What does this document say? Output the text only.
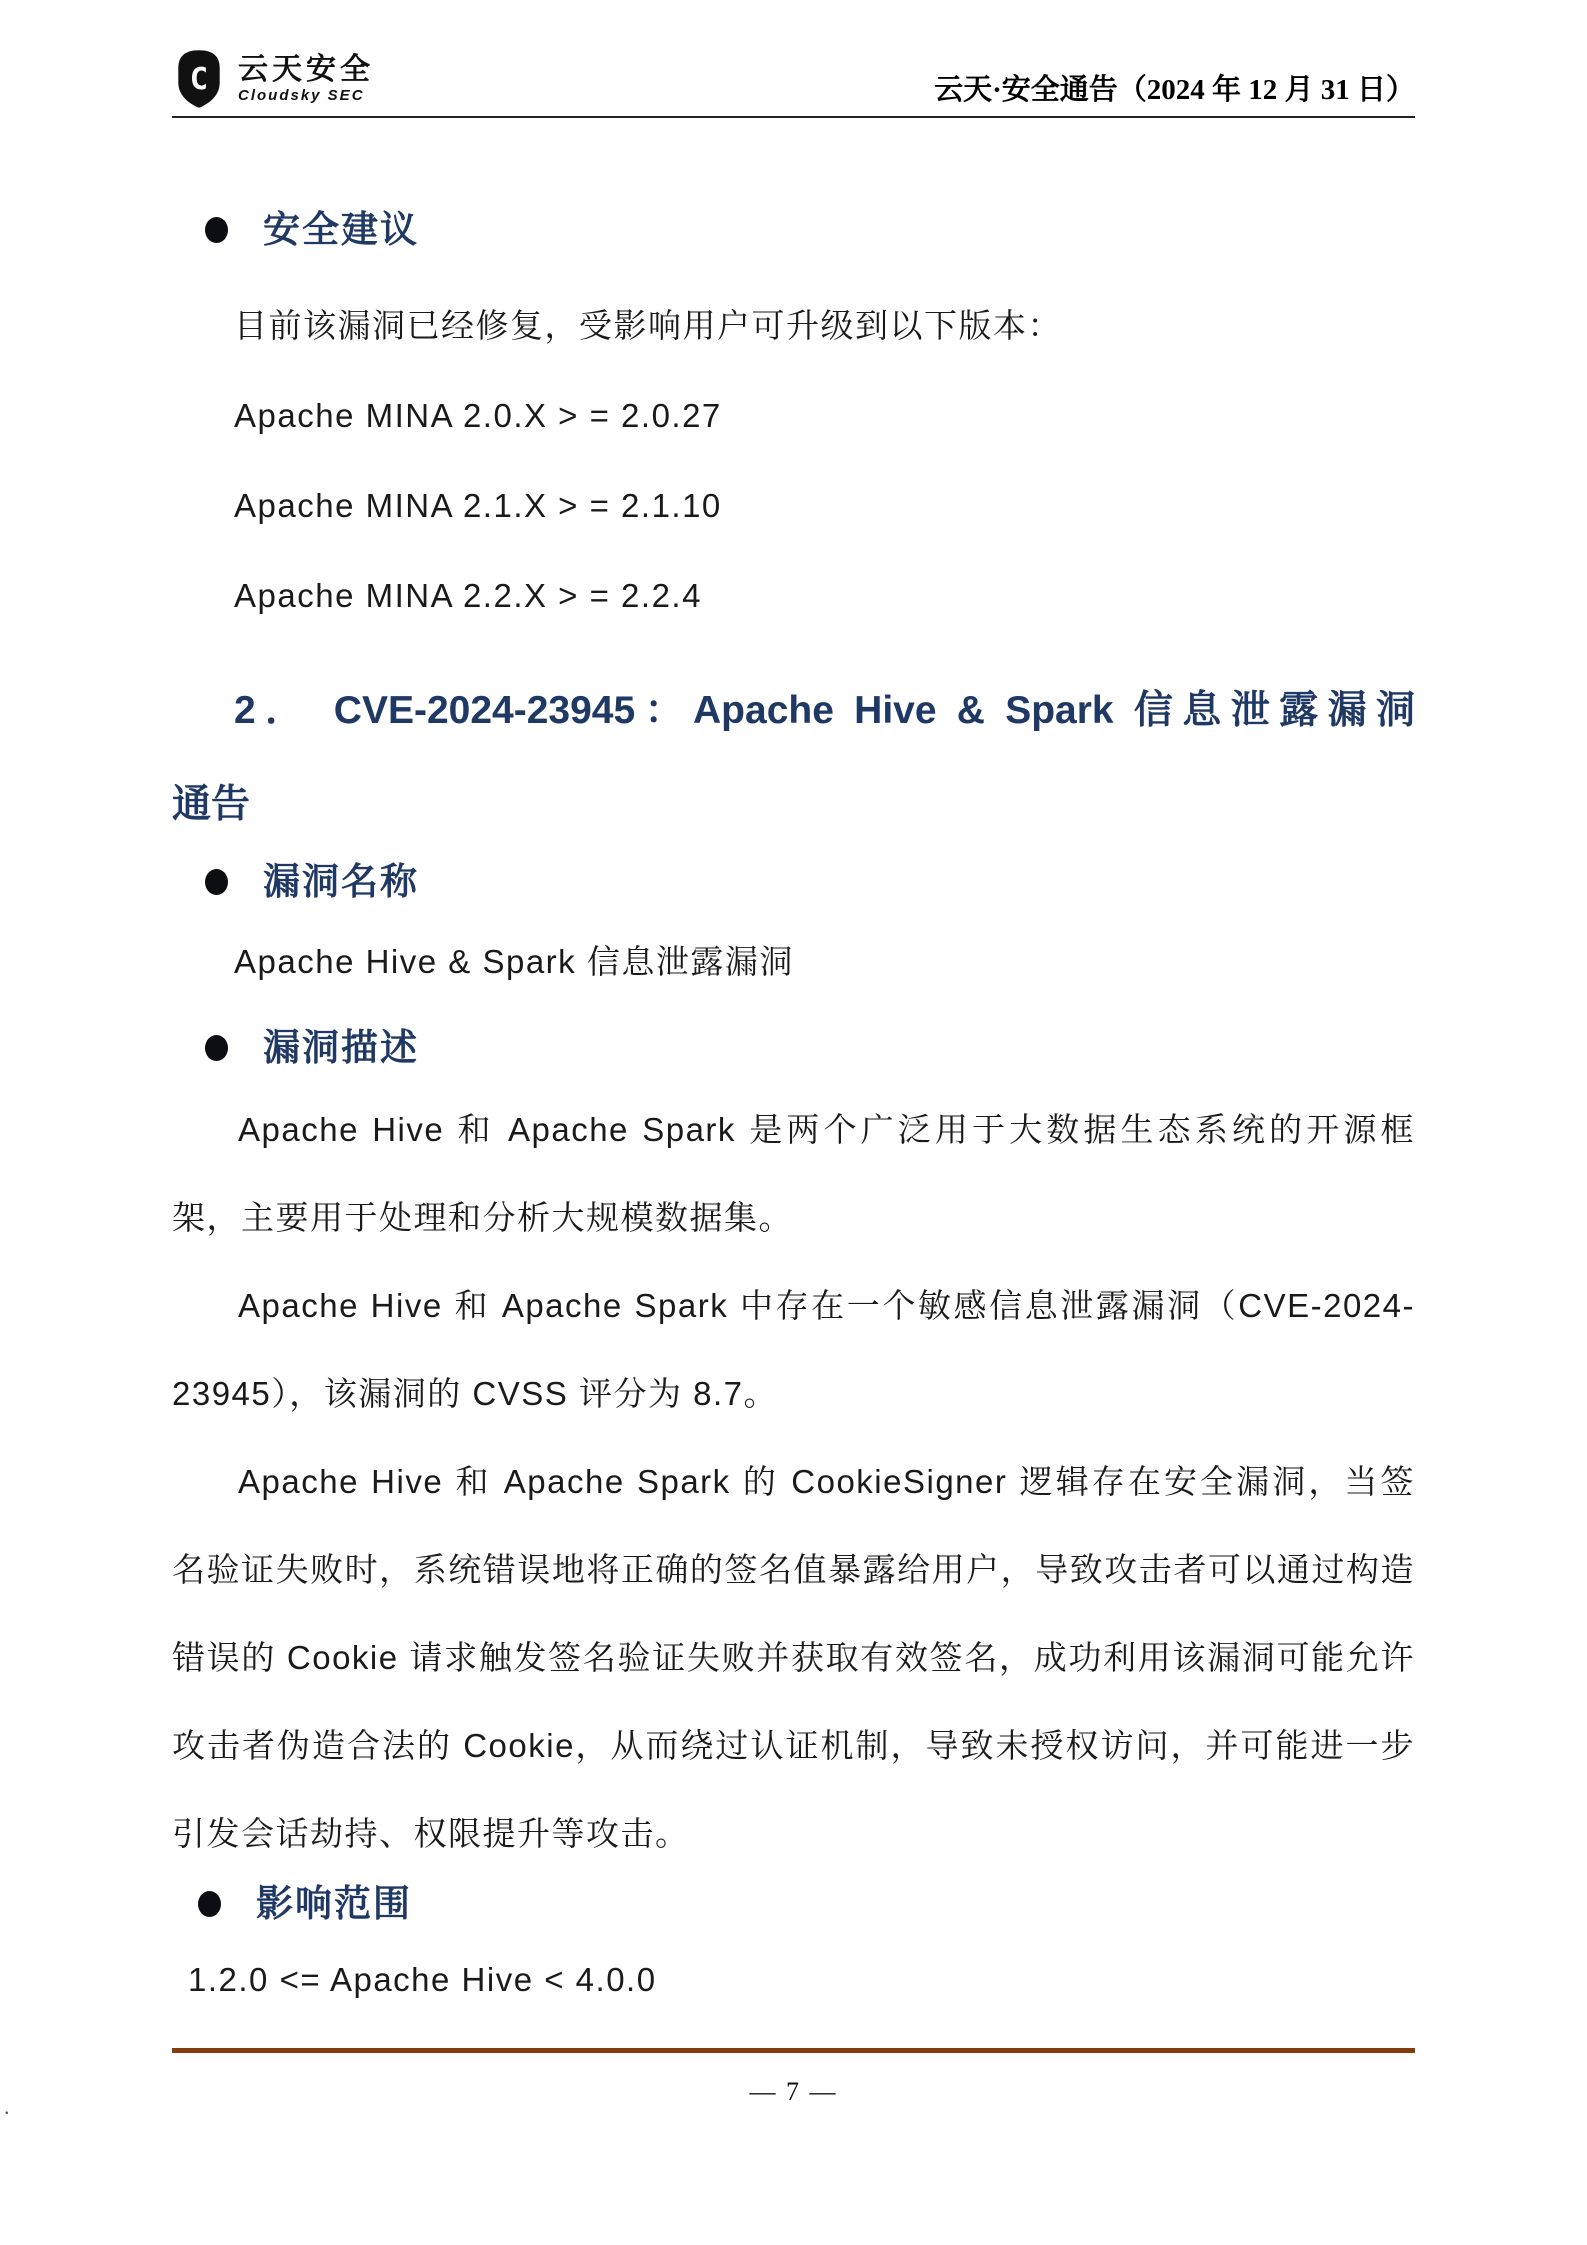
C 云天安全
Cloudsky SEC	云天·安全通告（2024 年 12 月 31 日）
安全建议

目前该漏洞已经修复，受影响用户可升级到以下版本：

Apache MINA 2.0.X > = 2.0.27

Apache MINA 2.1.X > = 2.1.10

Apache MINA 2.2.X > = 2.2.4

2． CVE-2024-23945：Apache Hive & Spark 信息泄露漏洞
通告
漏洞名称

Apache Hive & Spark 信息泄露漏洞

漏洞描述

Apache Hive 和 Apache Spark 是两个广泛用于大数据生态系统的开源框架，主要用于处理和分析大规模数据集。

Apache Hive 和 Apache Spark 中存在一个敏感信息泄露漏洞（CVE-2024-23945），该漏洞的 CVSS 评分为 8.7。

Apache Hive 和 Apache Spark 的 CookieSigner 逻辑存在安全漏洞，当签名验证失败时，系统错误地将正确的签名值暴露给用户，导致攻击者可以通过构造错误的 Cookie 请求触发签名验证失败并获取有效签名，成功利用该漏洞可能允许攻击者伪造合法的 Cookie，从而绕过认证机制，导致未授权访问，并可能进一步引发会话劫持、权限提升等攻击。

影响范围

1.2.0 <= Apache Hive < 4.0.0

.
— 7 —
